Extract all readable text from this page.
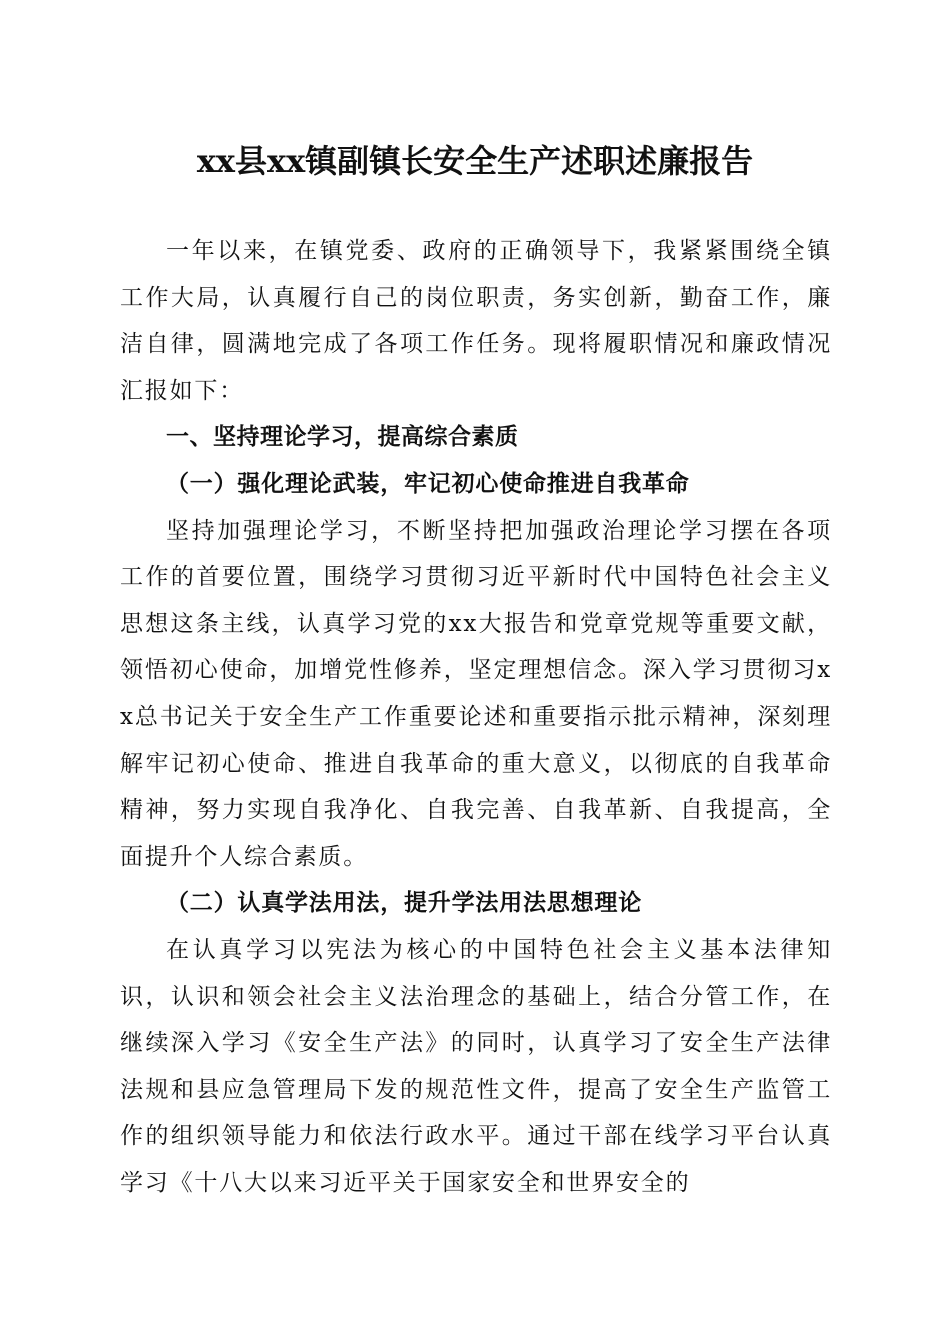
xx县xx镇副镇长安全生产述职述廉报告

一年以来，在镇党委、政府的正确领导下，我紧紧围绕全镇工作大局，认真履行自己的岗位职责，务实创新，勤奋工作，廉洁自律，圆满地完成了各项工作任务。现将履职情况和廉政情况汇报如下：

一、坚持理论学习，提高综合素质

（一）强化理论武装，牢记初心使命推进自我革命

坚持加强理论学习，不断坚持把加强政治理论学习摆在各项工作的首要位置，围绕学习贯彻习近平新时代中国特色社会主义思想这条主线，认真学习党的xx大报告和党章党规等重要文献，领悟初心使命，加增党性修养，坚定理想信念。深入学习贯彻习xx总书记关于安全生产工作重要论述和重要指示批示精神，深刻理解牢记初心使命、推进自我革命的重大意义，以彻底的自我革命精神，努力实现自我净化、自我完善、自我革新、自我提高，全面提升个人综合素质。

（二）认真学法用法，提升学法用法思想理论

在认真学习以宪法为核心的中国特色社会主义基本法律知识，认识和领会社会主义法治理念的基础上，结合分管工作，在继续深入学习《安全生产法》的同时，认真学习了安全生产法律法规和县应急管理局下发的规范性文件，提高了安全生产监管工作的组织领导能力和依法行政水平。通过干部在线学习平台认真学习《十八大以来习近平关于国家安全和世界安全的
